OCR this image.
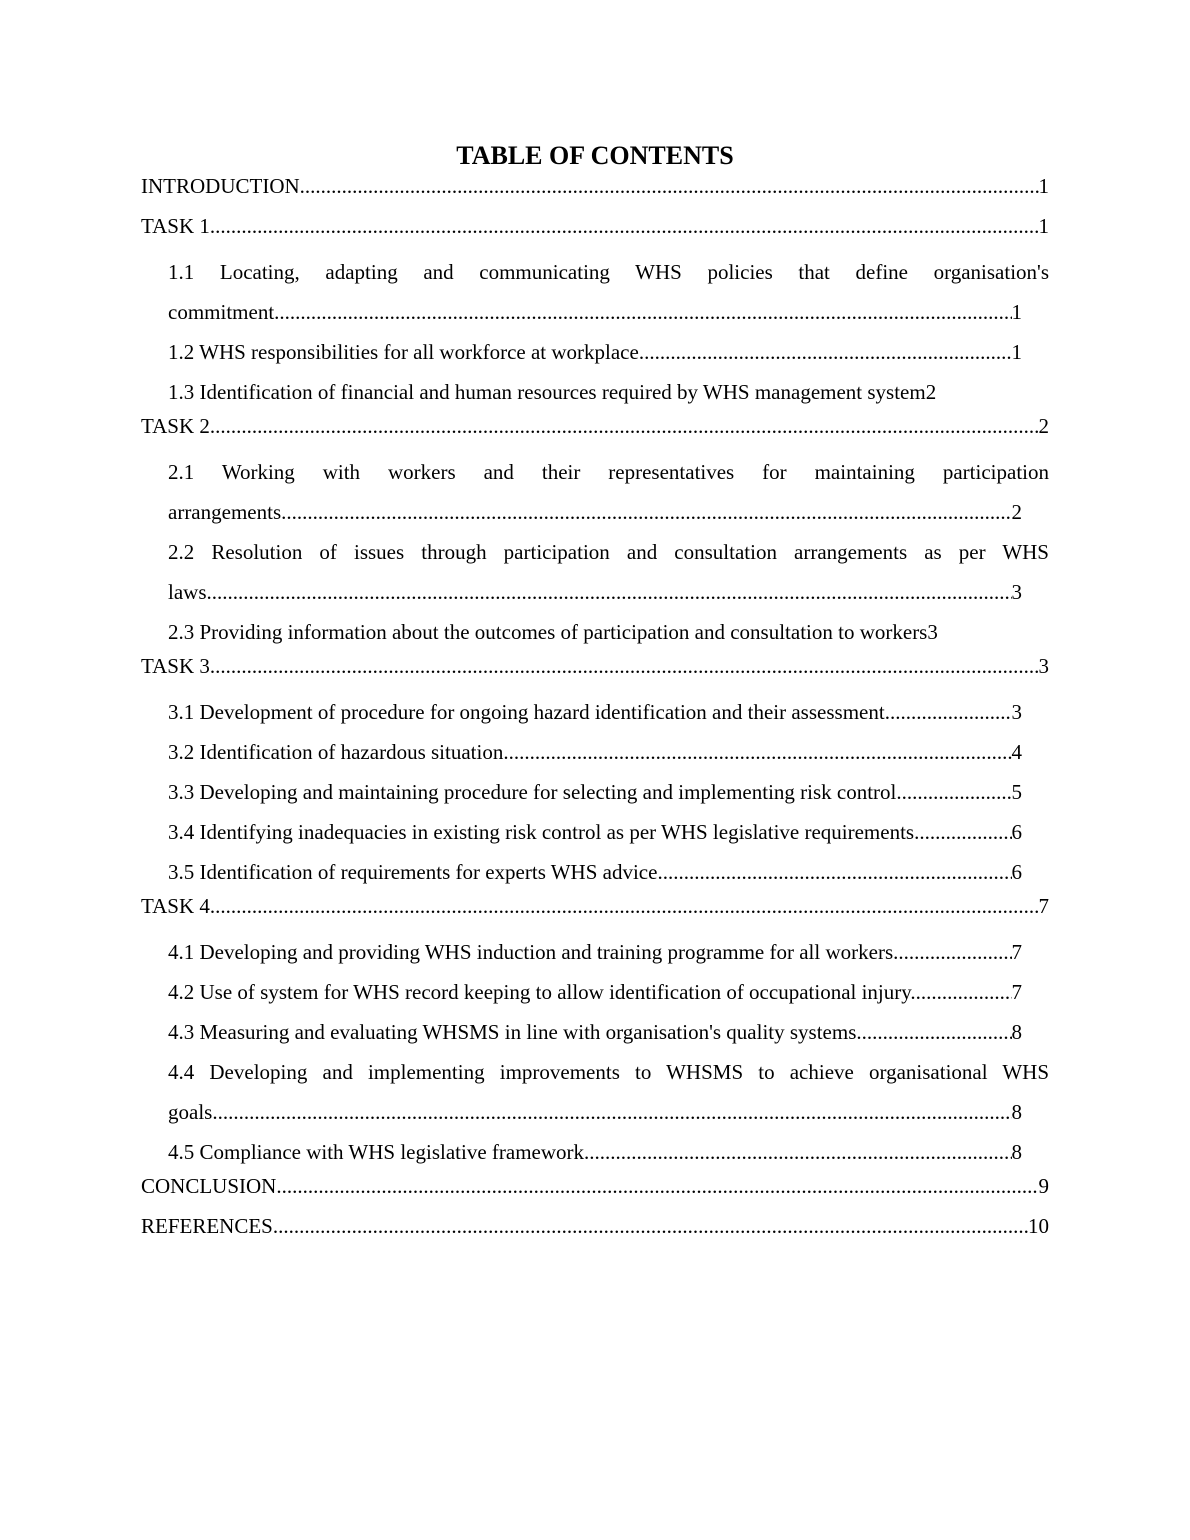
TABLE OF CONTENTS
INTRODUCTION .....	1
TASK 1 .....	1
1.1 Locating, adapting and communicating WHS policies that define organisation's
commitment .....	1
1.2 WHS responsibilities for all workforce at workplace .....	1
1.3 Identification of financial and human resources required by WHS management system 2
TASK 2 .....	2
2.1 Working with workers and their representatives for maintaining participation
arrangements .....	2
2.2 Resolution of issues through participation and consultation arrangements as per WHS
laws .....	3
2.3 Providing information about the outcomes of participation and consultation to workers 3
TASK 3 .....	3
3.1 Development of procedure for ongoing hazard identification and their assessment .....	3
3.2 Identification of hazardous situation .....	4
3.3 Developing and maintaining procedure for selecting and implementing risk control. .....	5
3.4 Identifying inadequacies in existing risk control as per WHS legislative requirements. .....	6
3.5 Identification of requirements for experts WHS advice .....	6
TASK 4 .....	7
4.1 Developing and providing WHS induction and training programme for all workers .....	7
4.2 Use of system for WHS record keeping to allow identification of occupational injury. .....	7
4.3 Measuring and evaluating WHSMS in line with organisation's quality systems .....	8
4.4 Developing and implementing improvements to WHSMS to achieve organisational WHS
goals .....	8
4.5 Compliance with WHS legislative framework .....	8
CONCLUSION .....	9
REFERENCES .....	10
